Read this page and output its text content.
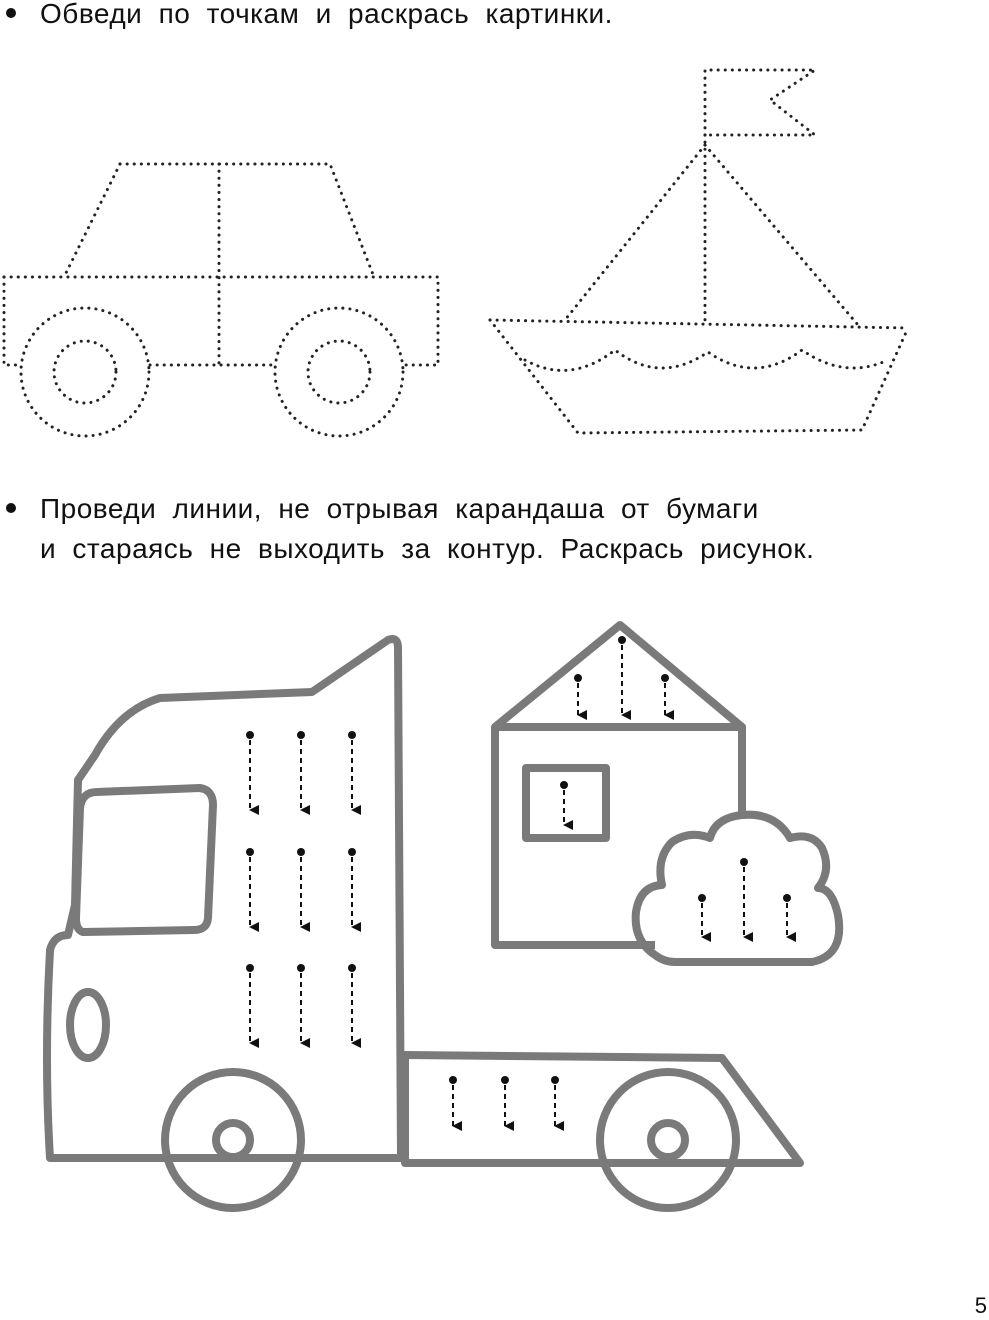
Обведи по точкам и раскрась картинки.
Проведи линии, не отрывая карандаша от бумаги
и стараясь не выходить за контур. Раскрась рисунок.
5
